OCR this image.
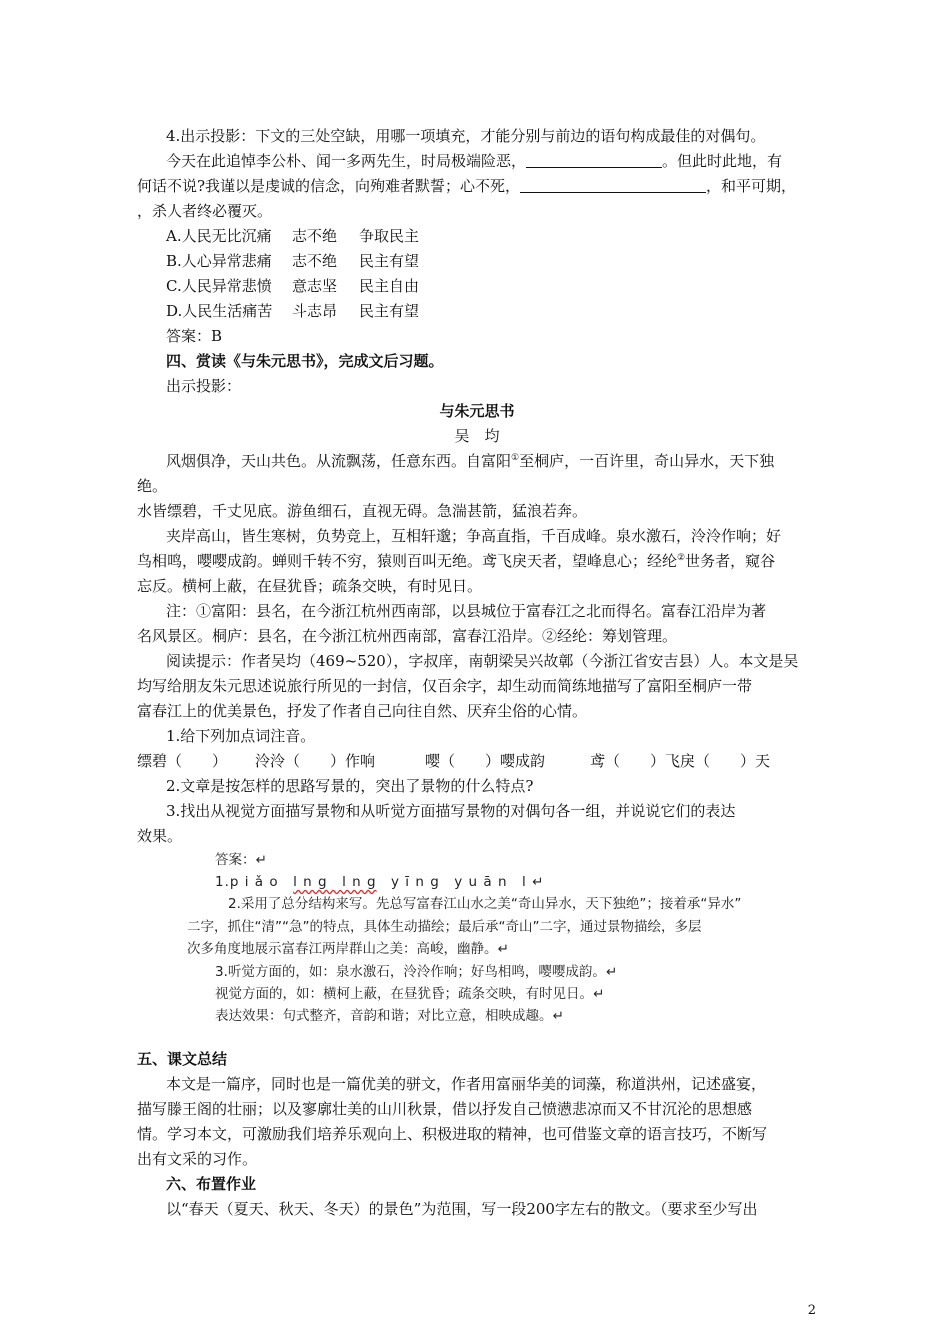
4.出示投影：下文的三处空缺，用哪一项填充，才能分别与前边的语句构成最佳的对偶句。
今天在此追悼李公朴、闻一多两先生，时局极端险恶，	。但此时此地，有
何话不说?我谨以是虔诚的信念，向殉难者默誓；心不死，	，和平可期，
，杀人者终必覆灭。
A.人民无比沉痛 志不绝 争取民主
B.人心异常悲痛 志不绝 民主有望
C.人民异常悲愤 意志坚 民主自由
D.人民生活痛苦 斗志昂 民主有望
答案：B
四、赏读《与朱元思书》，完成文后习题。
出示投影：
与朱元思书
吴　均
风烟俱净，天山共色。从流飘荡，任意东西。自富阳①至桐庐，一百许里，奇山异水，天下独
绝。
水皆缥碧，千丈见底。游鱼细石，直视无碍。急湍甚箭，猛浪若奔。
夹岸高山，皆生寒树，负势竞上，互相轩邈；争高直指，千百成峰。泉水激石，泠泠作响；好
鸟相鸣，嘤嘤成韵。蝉则千转不穷，猿则百叫无绝。鸢飞戾天者，望峰息心；经纶②世务者，窥谷
忘反。横柯上蔽，在昼犹昏；疏条交映，有时见日。
注：①富阳：县名，在今浙江杭州西南部，以县城位于富春江之北而得名。富春江沿岸为著
名风景区。桐庐：县名，在今浙江杭州西南部，富春江沿岸。②经纶：筹划管理。
阅读提示：作者吴均（469~520），字叔庠，南朝梁吴兴故鄣（今浙江省安吉县）人。本文是吴
均写给朋友朱元思述说旅行所见的一封信，仅百余字，却生动而简练地描写了富阳至桐庐一带
富春江上的优美景色，抒发了作者自己向往自然、厌弃尘俗的心情。
1.给下列加点词注音。
缥碧（　　） 泠泠（　　）作响	嘤（　　）嘤成韵	鸢（　　）飞戾（　　）天
2.文章是按怎样的思路写景的，突出了景物的什么特点?
3.找出从视觉方面描写景物和从听觉方面描写景物的对偶句各一组，并说说它们的表达
效果。
答案：↵
1.p i ǎ o　l n g　l n g　y ī n g　y u ā n　l ↵
2.采用了总分结构来写。先总写富春江山水之美“奇山异水，天下独绝”；接着承“异水”
二字，抓住“清”“急”的特点，具体生动描绘；最后承“奇山”二字，通过景物描绘，多层
次多角度地展示富春江两岸群山之美：高峻，幽静。↵
3.听觉方面的，如：泉水激石，泠泠作响；好鸟相鸣，嘤嘤成韵。↵
视觉方面的，如：横柯上蔽，在昼犹昏；疏条交映，有时见日。↵
表达效果：句式整齐，音韵和谐；对比立意，相映成趣。↵
五、课文总结
本文是一篇序，同时也是一篇优美的骈文，作者用富丽华美的词藻，称道洪州，记述盛宴，
描写滕王阁的壮丽；以及寥廓壮美的山川秋景，借以抒发自己愤懑悲凉而又不甘沉沦的思想感
情。学习本文，可激励我们培养乐观向上、积极进取的精神，也可借鉴文章的语言技巧，不断写
出有文采的习作。
六、布置作业
以“春天（夏天、秋天、冬天）的景色”为范围，写一段200字左右的散文。（要求至少写出
2
